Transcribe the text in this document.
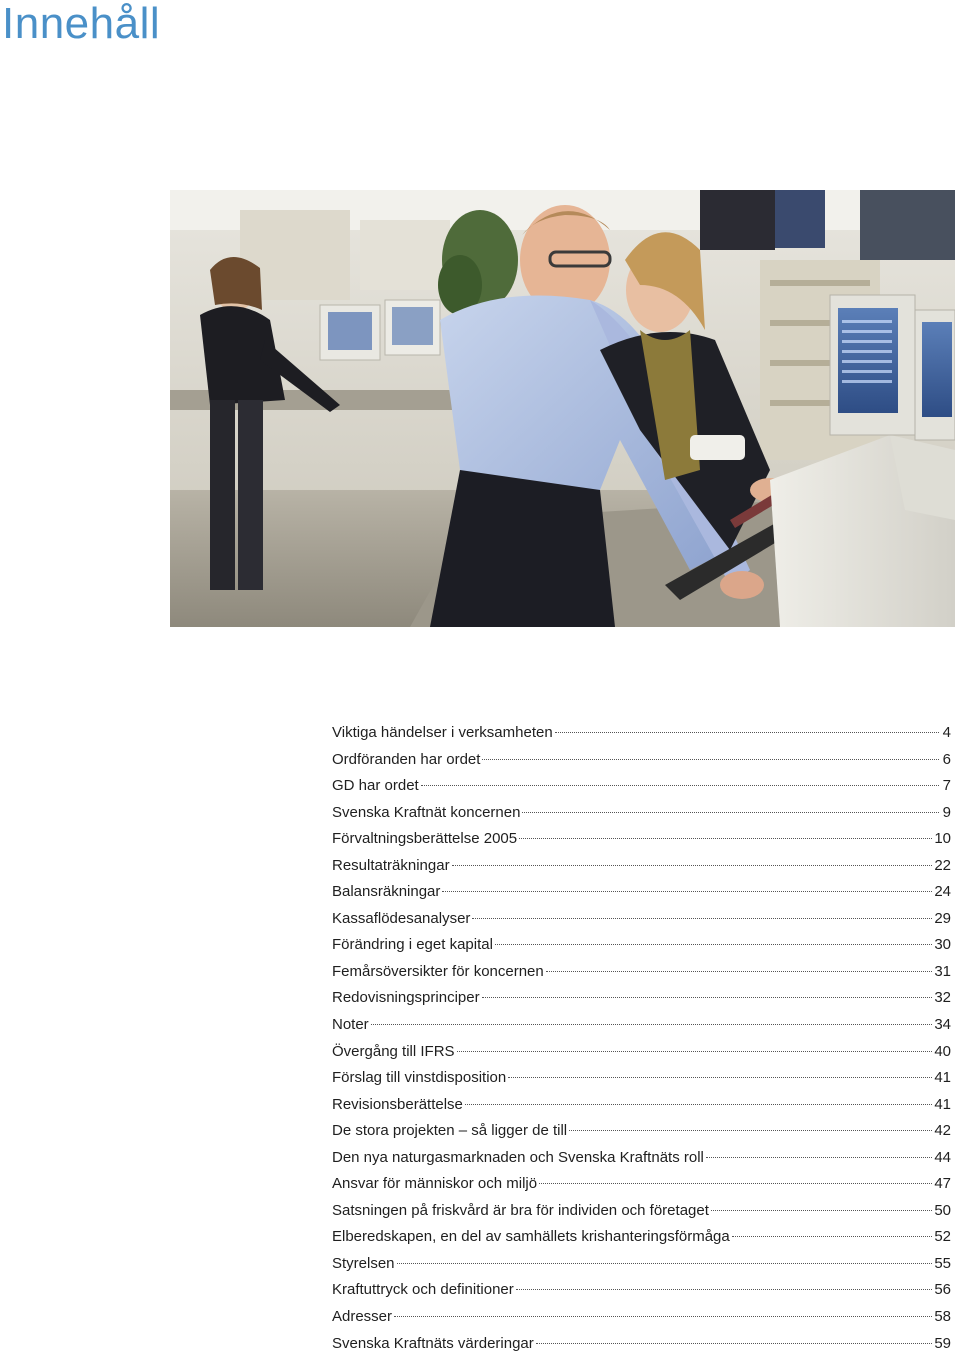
Innehåll
Viktiga händelser i verksamheten	4
Ordföranden har ordet	6
GD har ordet	7
Svenska Kraftnät koncernen	9
Förvaltningsberättelse 2005	10
Resultaträkningar	22
Balansräkningar	24
Kassaflödesanalyser	29
Förändring i eget kapital	30
Femårsöversikter för koncernen	31
Redovisningsprinciper	32
Noter	34
Övergång till IFRS	40
Förslag till vinstdisposition	41
Revisionsberättelse	41
De stora projekten – så ligger de till	42
Den nya naturgasmarknaden och Svenska Kraftnäts roll	44
Ansvar för människor och miljö	47
Satsningen på friskvård är bra för individen och företaget	50
Elberedskapen, en del av samhällets krishanteringsförmåga	52
Styrelsen	55
Kraftuttryck och definitioner	56
Adresser	58
Svenska Kraftnäts värderingar	59
